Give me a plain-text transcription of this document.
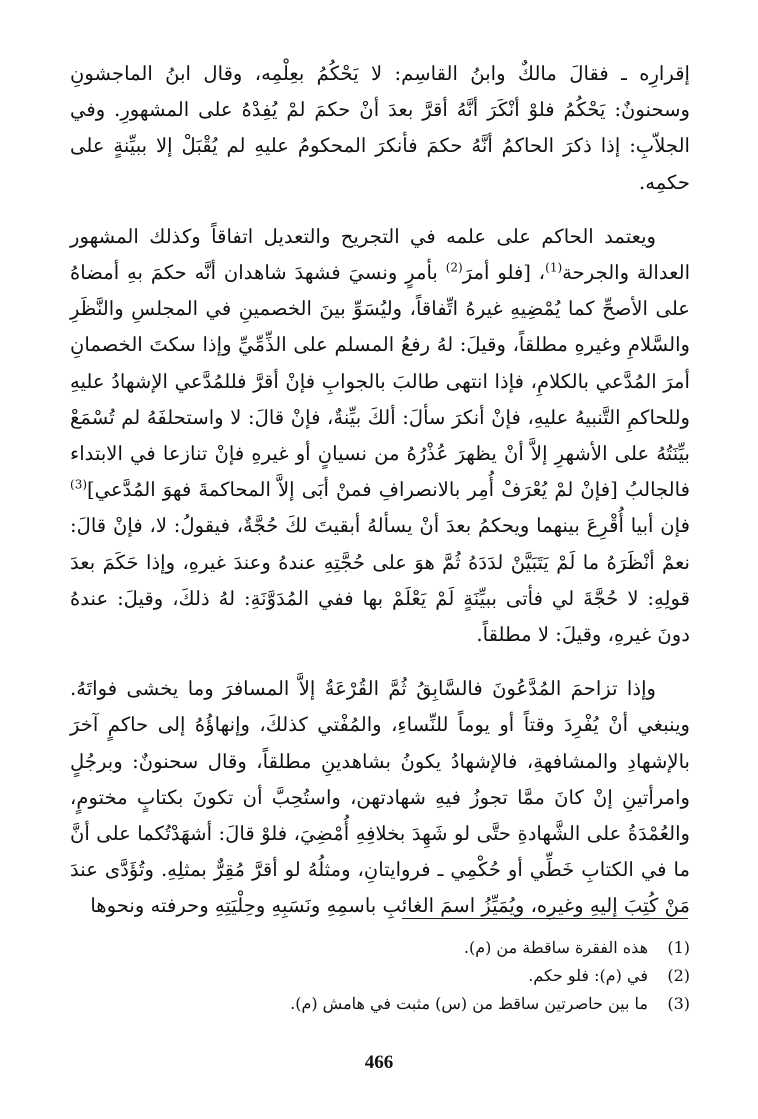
إقرارِه ـ فقالَ مالكٌ وابنُ القاسِم: لا يَحْكُمُ بعِلْمِه، وقال ابنُ الماجشونِ وسحنونٌ: يَحْكُمُ فلوْ أنْكَرَ أنَّهُ أقرَّ بعدَ أنْ حكمَ لمْ يُفِدْهُ على المشهورِ. وفي الجلاّبِ: إذا ذكرَ الحاكمُ أنَّهُ حكمَ فأنكرَ المحكومُ عليهِ لم يُقْبَلْ إلا ببيِّنةٍ على حكمِه.

ويعتمد الحاكم على علمه في التجريح والتعديل اتفاقاً وكذلك المشهور العدالة والجرحة$^{(1)}$، [فلو أمرَ$^{(2)}$ بأمرٍ ونسيَ فشهدَ شاهدان أنَّه حكمَ بهِ أمضاهُ على الأصحِّ كما يُمْضِيهِ غيرهُ اتِّفاقاً، وليُسَوِّ بينَ الخصمينِ في المجلسِ والنَّظَرِ والسَّلامِ وغيرهِ مطلقاً، وقيلَ: لهُ رفعُ المسلم على الذِّمِّيِّ وإذا سكتَ الخصمانِ أمرَ المُدَّعي بالكلامِ، فإذا انتهى طالبَ بالجوابِ فإنْ أقرَّ فللمُدَّعي الإشهادُ عليهِ وللحاكمِ التَّنبيهُ عليهِ، فإنْ أنكرَ سألَ: ألكَ بيِّنةٌ، فإنْ قالَ: لا واستحلفَهُ لم تُسْمَعْ بيِّنَتُهُ على الأشهرِ إلاَّ أنْ يظهرَ عُذْرُهُ من نسيانٍ أو غيرهِ فإنْ تنازعا في الابتداء فالجالبُ [فإنْ لمْ يُعْرَفْ أُمِر بالانصرافِ فمنْ أبَى إلاَّ المحاكمةَ فهوَ المُدَّعي]$^{(3)}$ فإن أبيا أُقْرِعَ بينهما ويحكمُ بعدَ أنْ يسألهُ أبقيتَ لكَ حُجَّةٌ، فيقولُ: لا، فإنْ قالَ: نعمْ أنْظَرَهُ ما لَمْ يَتَبَيَّنْ لدَدَهُ ثُمَّ هوَ على حُجَّتِهِ عندهُ وعندَ غيرهِ، وإذا حَكَمَ بعدَ قولِهِ: لا حُجَّةَ لي فأتى ببيِّنَةٍ لَمْ يَعْلَمْ بها ففي المُدَوَّنَةِ: لهُ ذلكَ، وقيلَ: عندهُ دونَ غيرهِ، وقيلَ: لا مطلقاً.

وإذا تزاحمَ المُدَّعُونَ فالسَّابِقُ ثُمَّ القُرْعَةُ إلاَّ المسافرَ وما يخشى فواتَهُ. وينبغي أنْ يُفْرِدَ وقتاً أو يوماً للنِّساءِ، والمُفْتي كذلكَ، وإنهاؤُهُ إلى حاكمٍ آخرَ بالإشهادِ والمشافهةِ، فالإشهادُ يكونُ بشاهدينِ مطلقاً، وقال سحنونٌ: وبرجُلٍ وامرأتينِ إنْ كانَ ممَّا تجوزُ فيهِ شهادتهن، واستُحِبَّ أن تكونَ بكتابٍ مختومٍ، والعُمْدَةُ على الشَّهادةِ حتَّى لو شَهِدَ بخلافِهِ أُمْضِيَ، فلوْ قالَ: أشهَدْتُكما على أنَّ ما في الكتابِ خَطِّي أو حُكْمِي ـ فروايتانِ، ومثلُهُ لو أقرَّ مُقِرٌّ بمثلِهِ. وتُؤَدَّى عندَ مَنْ كُتِبَ إليهِ وغيرِه، ويُمَيِّزُ اسمَ الغائبِ باسمِهِ ونَسَبِهِ وحِلْيَتِهِ وحرفته ونحوها

(1)
هذه الفقرة ساقطة من (م).
(2)
في (م): فلو حكم.
(3)
ما بين حاصرتين ساقط من (س) مثبت في هامش (م).
466
